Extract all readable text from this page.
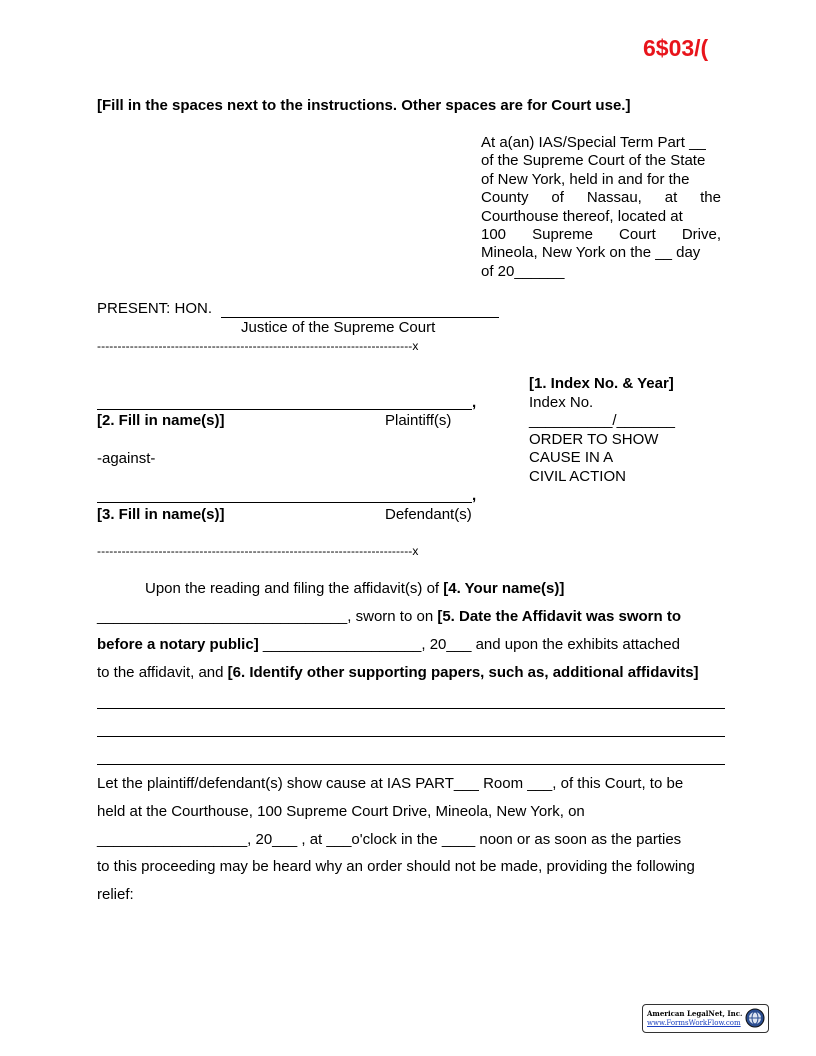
6$03/(
[Fill in the spaces next to the instructions. Other spaces are for Court use.]
At a(an) IAS/Special Term Part __
of the Supreme Court of the State
of New York, held in and for the
County of Nassau, at the
Courthouse thereof, located at
100 Supreme Court Drive,
Mineola, New York on the __ day
of 20______
PRESENT: HON.
Justice of the Supreme Court
-----------------------------------------------------------------------------x
,
[2. Fill in name(s)]	Plaintiff(s)
-against-
,
[3. Fill in name(s)]	Defendant(s)
-----------------------------------------------------------------------------x
[1. Index No. & Year]
Index No.
__________/_______
ORDER TO SHOW
CAUSE IN A
CIVIL ACTION
Upon the reading and filing the affidavit(s) of [4. Your name(s)]
______________________________, sworn to on [5. Date the Affidavit was sworn to
before a notary public] ___________________, 20___ and upon the exhibits attached
to the affidavit, and [6. Identify other supporting papers, such as, additional affidavits]
Let the plaintiff/defendant(s) show cause at IAS PART___ Room ___, of this Court, to be
held at the Courthouse, 100 Supreme Court Drive, Mineola, New York, on
__________________, 20___ , at ___o'clock in the ____ noon or as soon as the parties
to this proceeding may be heard why an order should not be made, providing the following
relief:
American LegalNet, Inc.
www.FormsWorkFlow.com
